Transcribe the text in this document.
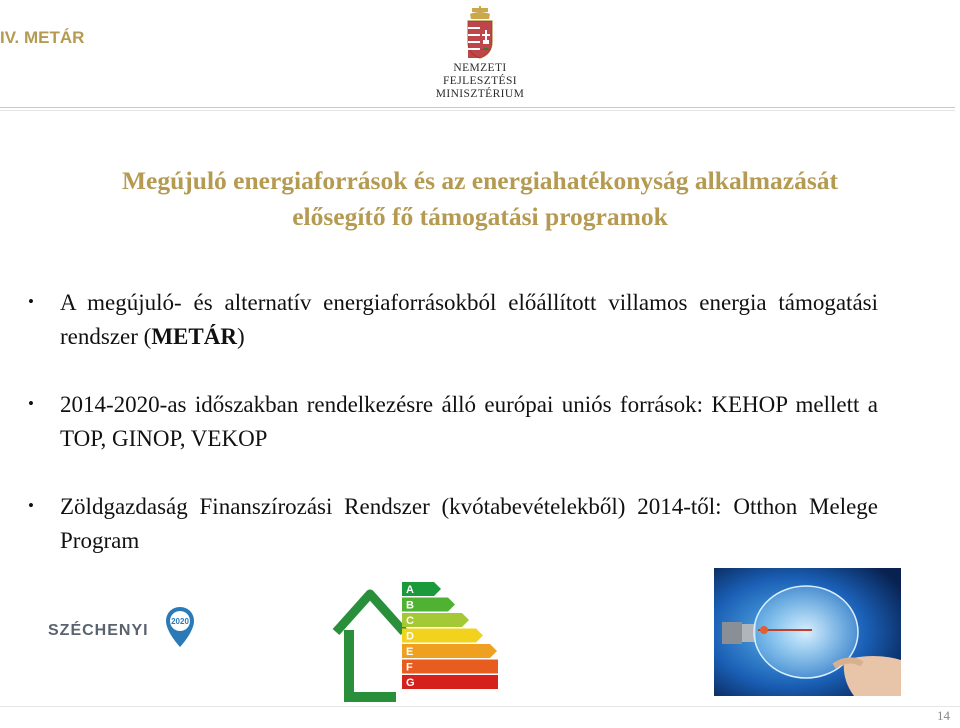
IV. METÁR
NEMZETI FEJLESZTÉSI
MINISZTÉRIUM
Megújuló energiaforrások és az energiahatékonyság alkalmazását
elősegítő fő támogatási programok
• A megújuló- és alternatív energiaforrásokból előállított villamos energia támogatási rendszer (METÁR)
• 2014-2020-as időszakban rendelkezésre álló európai uniós források: KEHOP mellett a TOP, GINOP, VEKOP
• Zöldgazdaság Finanszírozási Rendszer (kvótabevételekből) 2014-től: Otthon Melege Program
SZÉCHENYI
2020
A
B
C
D
E
F
G
14
